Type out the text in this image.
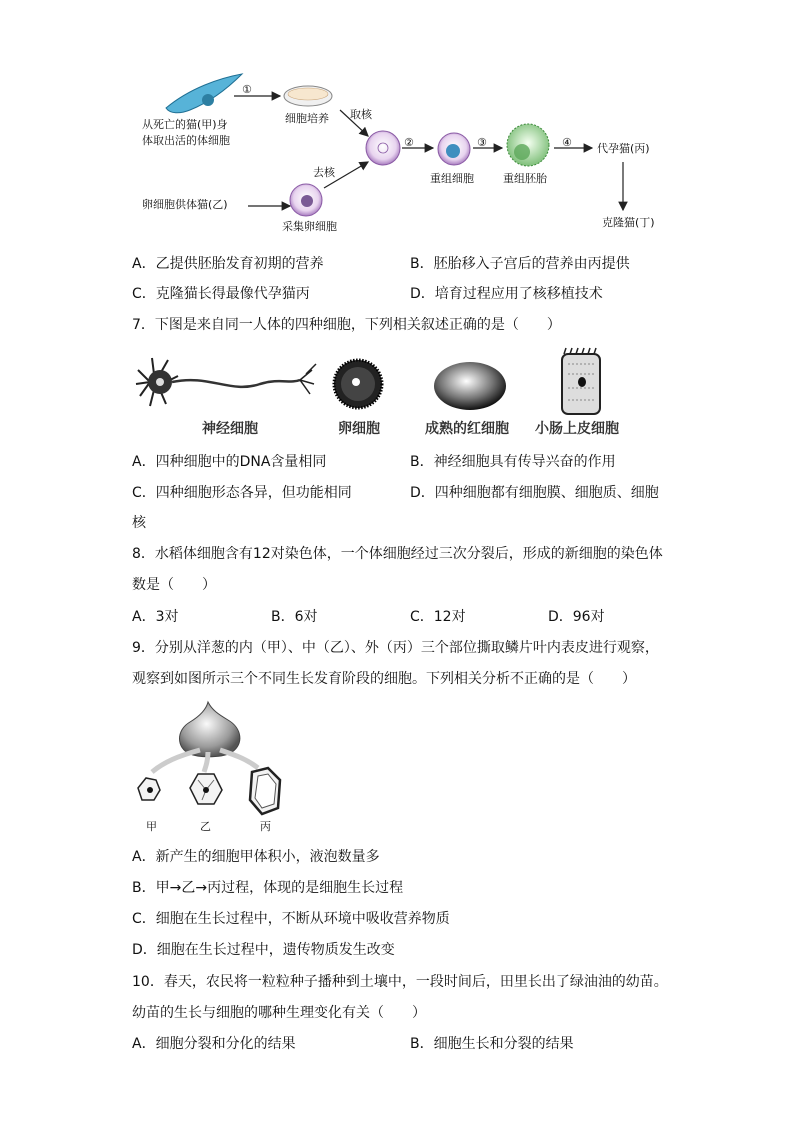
①
②	③	④
从死亡的猫(甲)身
体取出活的体细胞
细胞培养 取核
去核
卵细胞供体猫(乙)
采集卵细胞
重组细胞	重组胚胎
代孕猫(丙)
克隆猫(丁)
A．乙提供胚胎发育初期的营养	B．胚胎移入子宫后的营养由丙提供
C．克隆猫长得最像代孕猫丙	D．培育过程应用了核移植技术
7．下图是来自同一人体的四种细胞，下列相关叙述正确的是（　　）
神经细胞	卵细胞	成熟的红细胞 小肠上皮细胞
A．四种细胞中的DNA含量相同	B．神经细胞具有传导兴奋的作用
C．四种细胞形态各异，但功能相同	D．四种细胞都有细胞膜、细胞质、细胞
核
8．水稻体细胞含有12对染色体，一个体细胞经过三次分裂后，形成的新细胞的染色体
数是（　　）
A．3对	B．6对	C．12对	D．96对
9．分别从洋葱的内（甲）、中（乙）、外（丙）三个部位撕取鳞片叶内表皮进行观察，
观察到如图所示三个不同生长发育阶段的细胞。下列相关分析不正确的是（　　）
甲	乙	丙
A．新产生的细胞甲体积小，液泡数量多
B．甲→乙→丙过程，体现的是细胞生长过程
C．细胞在生长过程中，不断从环境中吸收营养物质
D．细胞在生长过程中，遗传物质发生改变
10．春天，农民将一粒粒种子播种到土壤中，一段时间后，田里长出了绿油油的幼苗。
幼苗的生长与细胞的哪种生理变化有关（　　）
A．细胞分裂和分化的结果	B．细胞生长和分裂的结果
